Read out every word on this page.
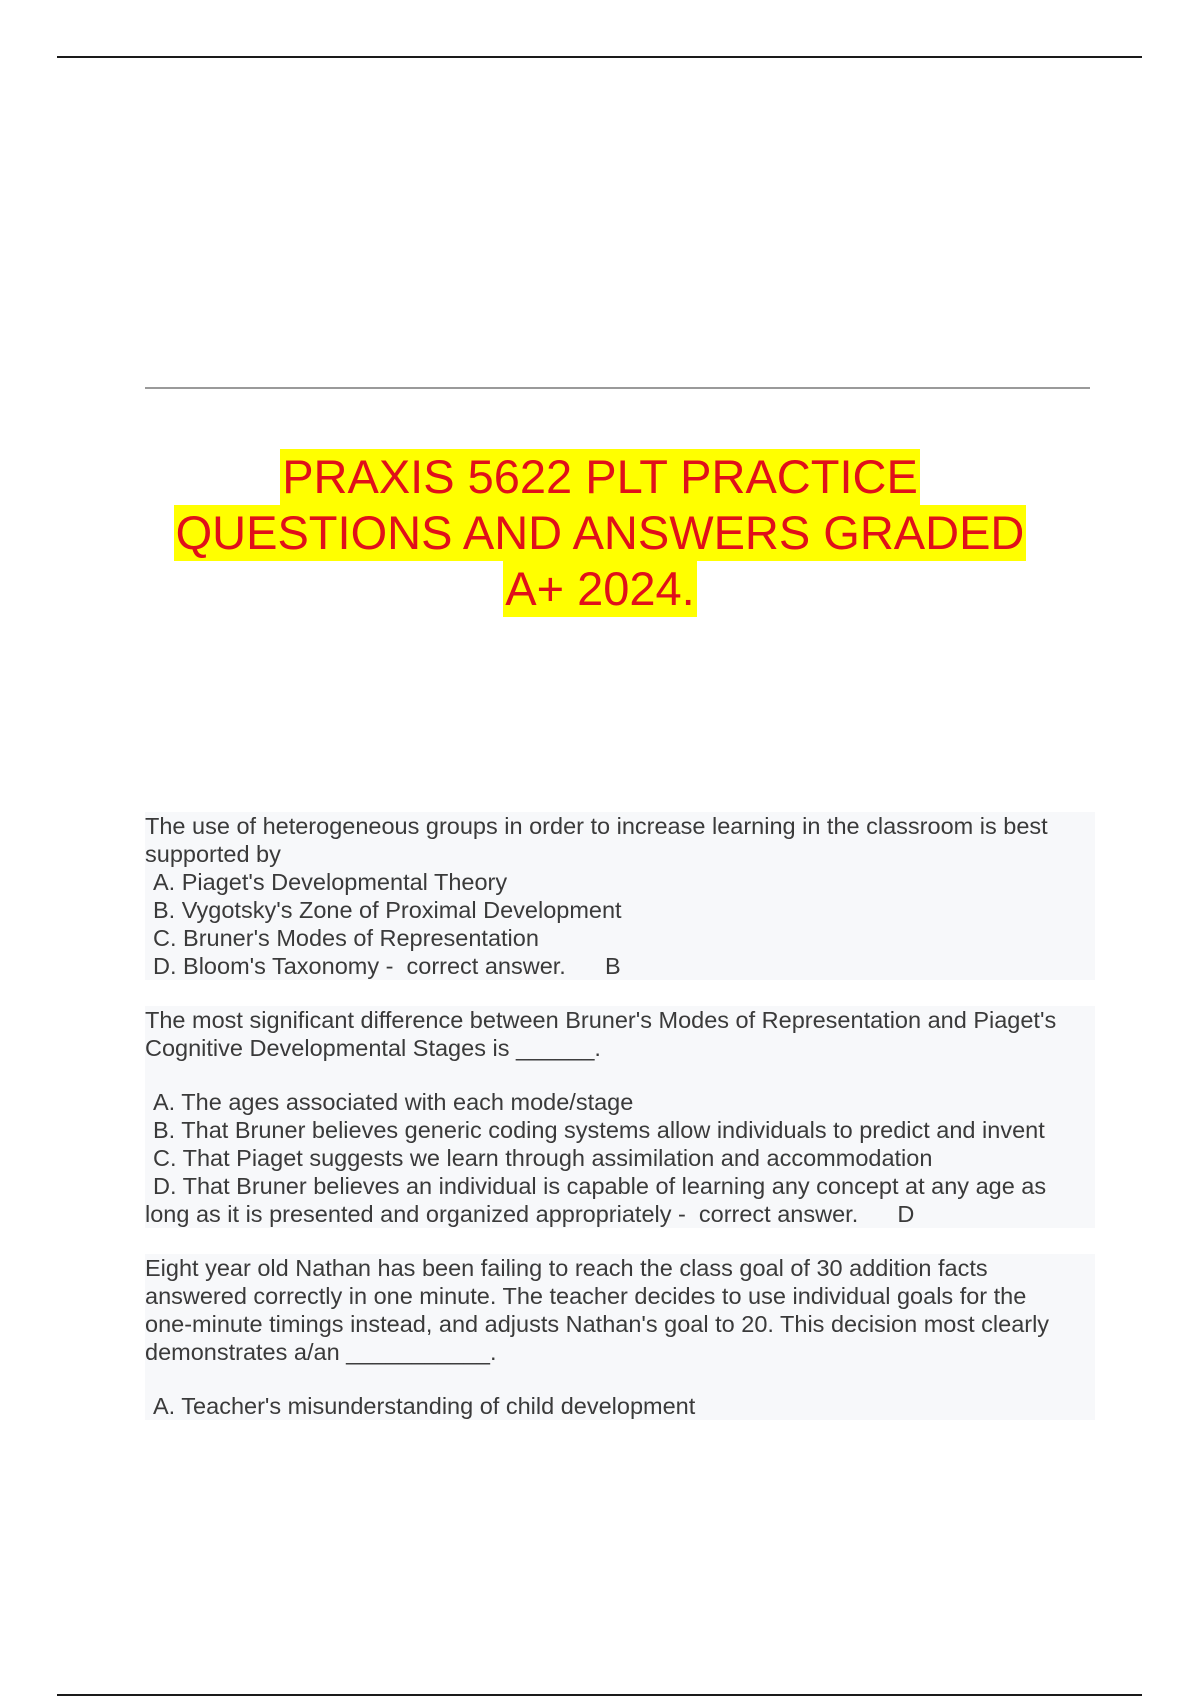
PRAXIS 5622 PLT PRACTICE
QUESTIONS AND ANSWERS GRADED
A+ 2024.
The use of heterogeneous groups in order to increase learning in the classroom is best
supported by
A. Piaget's Developmental Theory
B. Vygotsky's Zone of Proximal Development
C. Bruner's Modes of Representation
D. Bloom's Taxonomy -  correct answer.      B
The most significant difference between Bruner's Modes of Representation and Piaget's
Cognitive Developmental Stages is ______.
A. The ages associated with each mode/stage
B. That Bruner believes generic coding systems allow individuals to predict and invent
C. That Piaget suggests we learn through assimilation and accommodation
D. That Bruner believes an individual is capable of learning any concept at any age as
long as it is presented and organized appropriately -  correct answer.      D
Eight year old Nathan has been failing to reach the class goal of 30 addition facts
answered correctly in one minute. The teacher decides to use individual goals for the
one-minute timings instead, and adjusts Nathan's goal to 20. This decision most clearly
demonstrates a/an ___________.
A. Teacher's misunderstanding of child development
